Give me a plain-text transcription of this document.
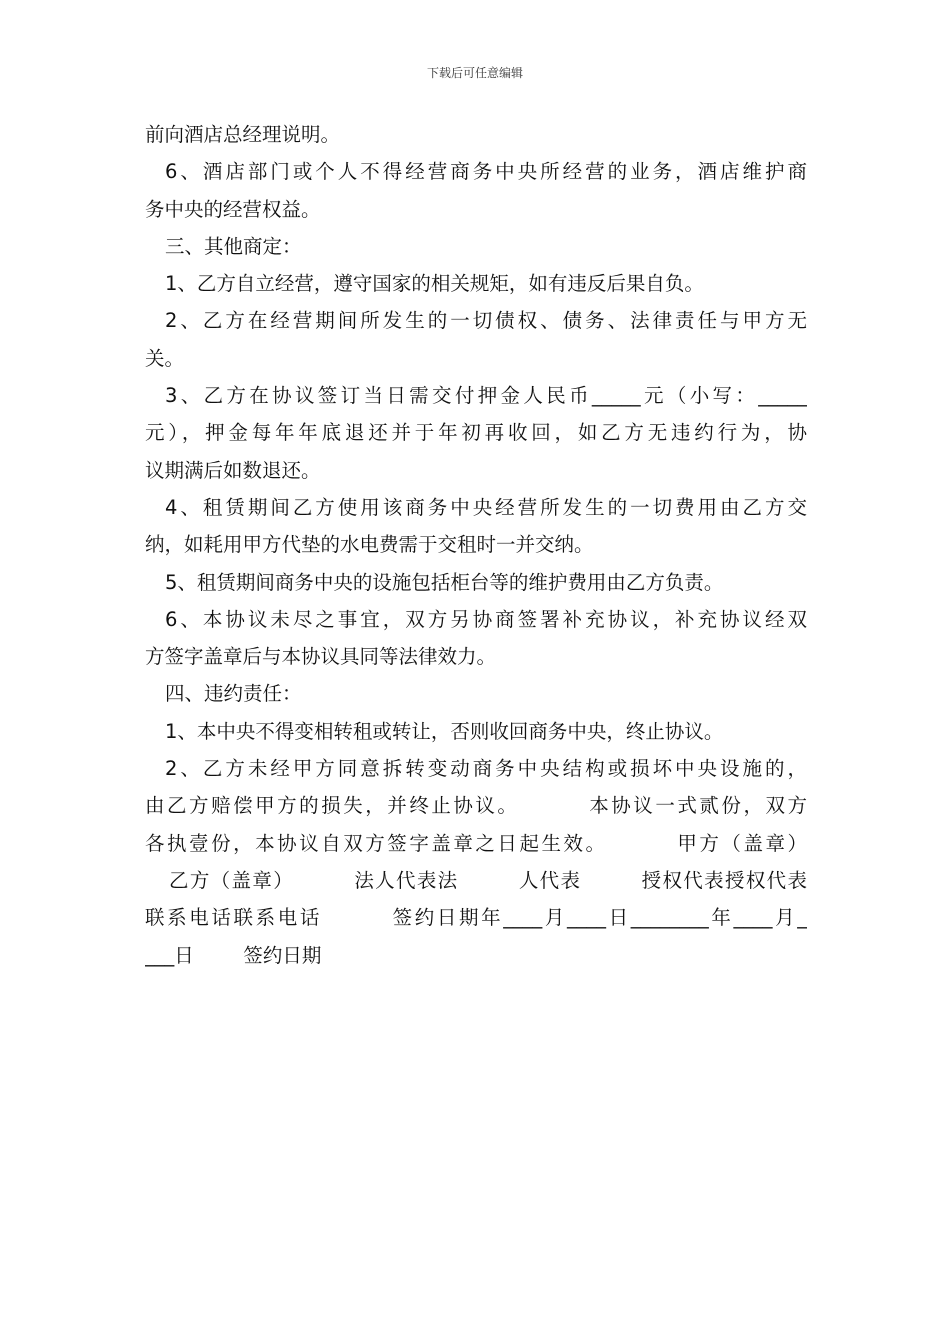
下载后可任意编辑
前向酒店总经理说明。
6、酒店部门或个人不得经营商务中央所经营的业务，酒店维护商
务中央的经营权益。
三、其他商定：
1、乙方自立经营，遵守国家的相关规矩，如有违反后果自负。
2、乙方在经营期间所发生的一切债权、债务、法律责任与甲方无
关。
3、乙方在协议签订当日需交付押金人民币_____元（小写：_____
元），押金每年年底退还并于年初再收回，如乙方无违约行为，协
议期满后如数退还。
4、租赁期间乙方使用该商务中央经营所发生的一切费用由乙方交
纳，如耗用甲方代垫的水电费需于交租时一并交纳。
5、租赁期间商务中央的设施包括柜台等的维护费用由乙方负责。
6、本协议未尽之事宜，双方另协商签署补充协议，补充协议经双
方签字盖章后与本协议具同等法律效力。
四、违约责任：
1、本中央不得变相转租或转让，否则收回商务中央，终止协议。
2、乙方未经甲方同意拆转变动商务中央结构或损坏中央设施的，
由乙方赔偿甲方的损失，并终止协议。        本协议一式贰份，双方
各执壹份，本协议自双方签字盖章之日起生效。        甲方（盖章）
乙方（盖章）        法人代表法        人代表        授权代表授权代表
联系电话联系电话        签约日期年____月____日________年____月_
___日        签约日期
